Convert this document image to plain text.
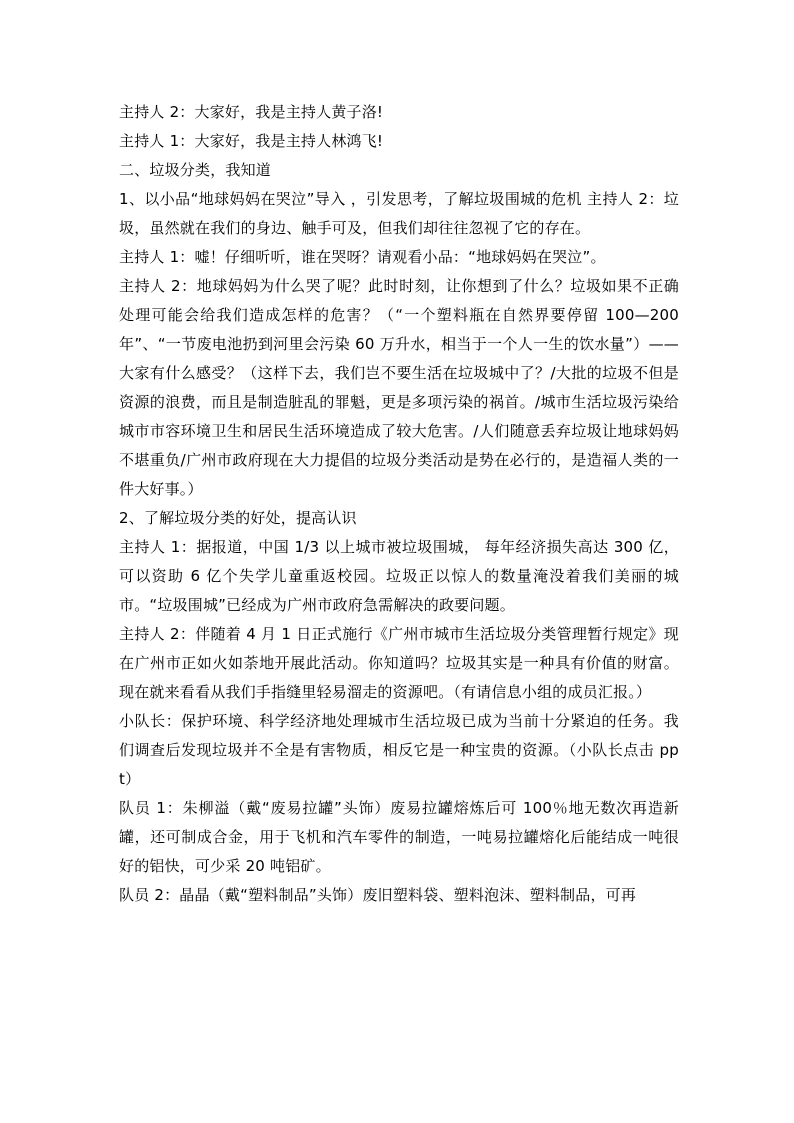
主持人 2：大家好，我是主持人黄子洛!

主持人 1：大家好，我是主持人林鸿飞!

二、垃圾分类，我知道

1、以小品“地球妈妈在哭泣”导入 ，引发思考，了解垃圾围城的危机 主持人 2：垃圾，虽然就在我们的身边、触手可及，但我们却往往忽视了它的存在。

主持人 1：嘘！仔细听听，谁在哭呀？请观看小品：“地球妈妈在哭泣”。

主持人 2：地球妈妈为什么哭了呢？此时时刻，让你想到了什么？垃圾如果不正确处理可能会给我们造成怎样的危害？（“一个塑料瓶在自然界要停留 100—200 年”、“一节废电池扔到河里会污染 60 万升水，相当于一个人一生的饮水量”）——大家有什么感受？（这样下去，我们岂不要生活在垃圾城中了？/大批的垃圾不但是资源的浪费，而且是制造脏乱的罪魁，更是多项污染的祸首。/城市生活垃圾污染给城市市容环境卫生和居民生活环境造成了较大危害。/人们随意丢弃垃圾让地球妈妈不堪重负/广州市政府现在大力提倡的垃圾分类活动是势在必行的，是造福人类的一件大好事。）

2、了解垃圾分类的好处，提高认识

主持人 1：据报道，中国 1/3 以上城市被垃圾围城， 每年经济损失高达 300 亿，可以资助 6 亿个失学儿童重返校园。垃圾正以惊人的数量淹没着我们美丽的城市。“垃圾围城”已经成为广州市政府急需解决的政要问题。

主持人 2：伴随着 4 月 1 日正式施行《广州市城市生活垃圾分类管理暂行规定》现在广州市正如火如荼地开展此活动。你知道吗？垃圾其实是一种具有价值的财富。现在就来看看从我们手指缝里轻易溜走的资源吧。（有请信息小组的成员汇报。）

小队长：保护环境、科学经济地处理城市生活垃圾已成为当前十分紧迫的任务。我们调查后发现垃圾并不全是有害物质，相反它是一种宝贵的资源。（小队长点击 ppt）

队员 1：朱柳溢（戴“废易拉罐”头饰）废易拉罐熔炼后可 100％地无数次再造新罐，还可制成合金，用于飞机和汽车零件的制造，一吨易拉罐熔化后能结成一吨很好的铝快，可少采 20 吨铝矿。

队员 2：晶晶（戴“塑料制品”头饰）废旧塑料袋、塑料泡沫、塑料制品，可再
